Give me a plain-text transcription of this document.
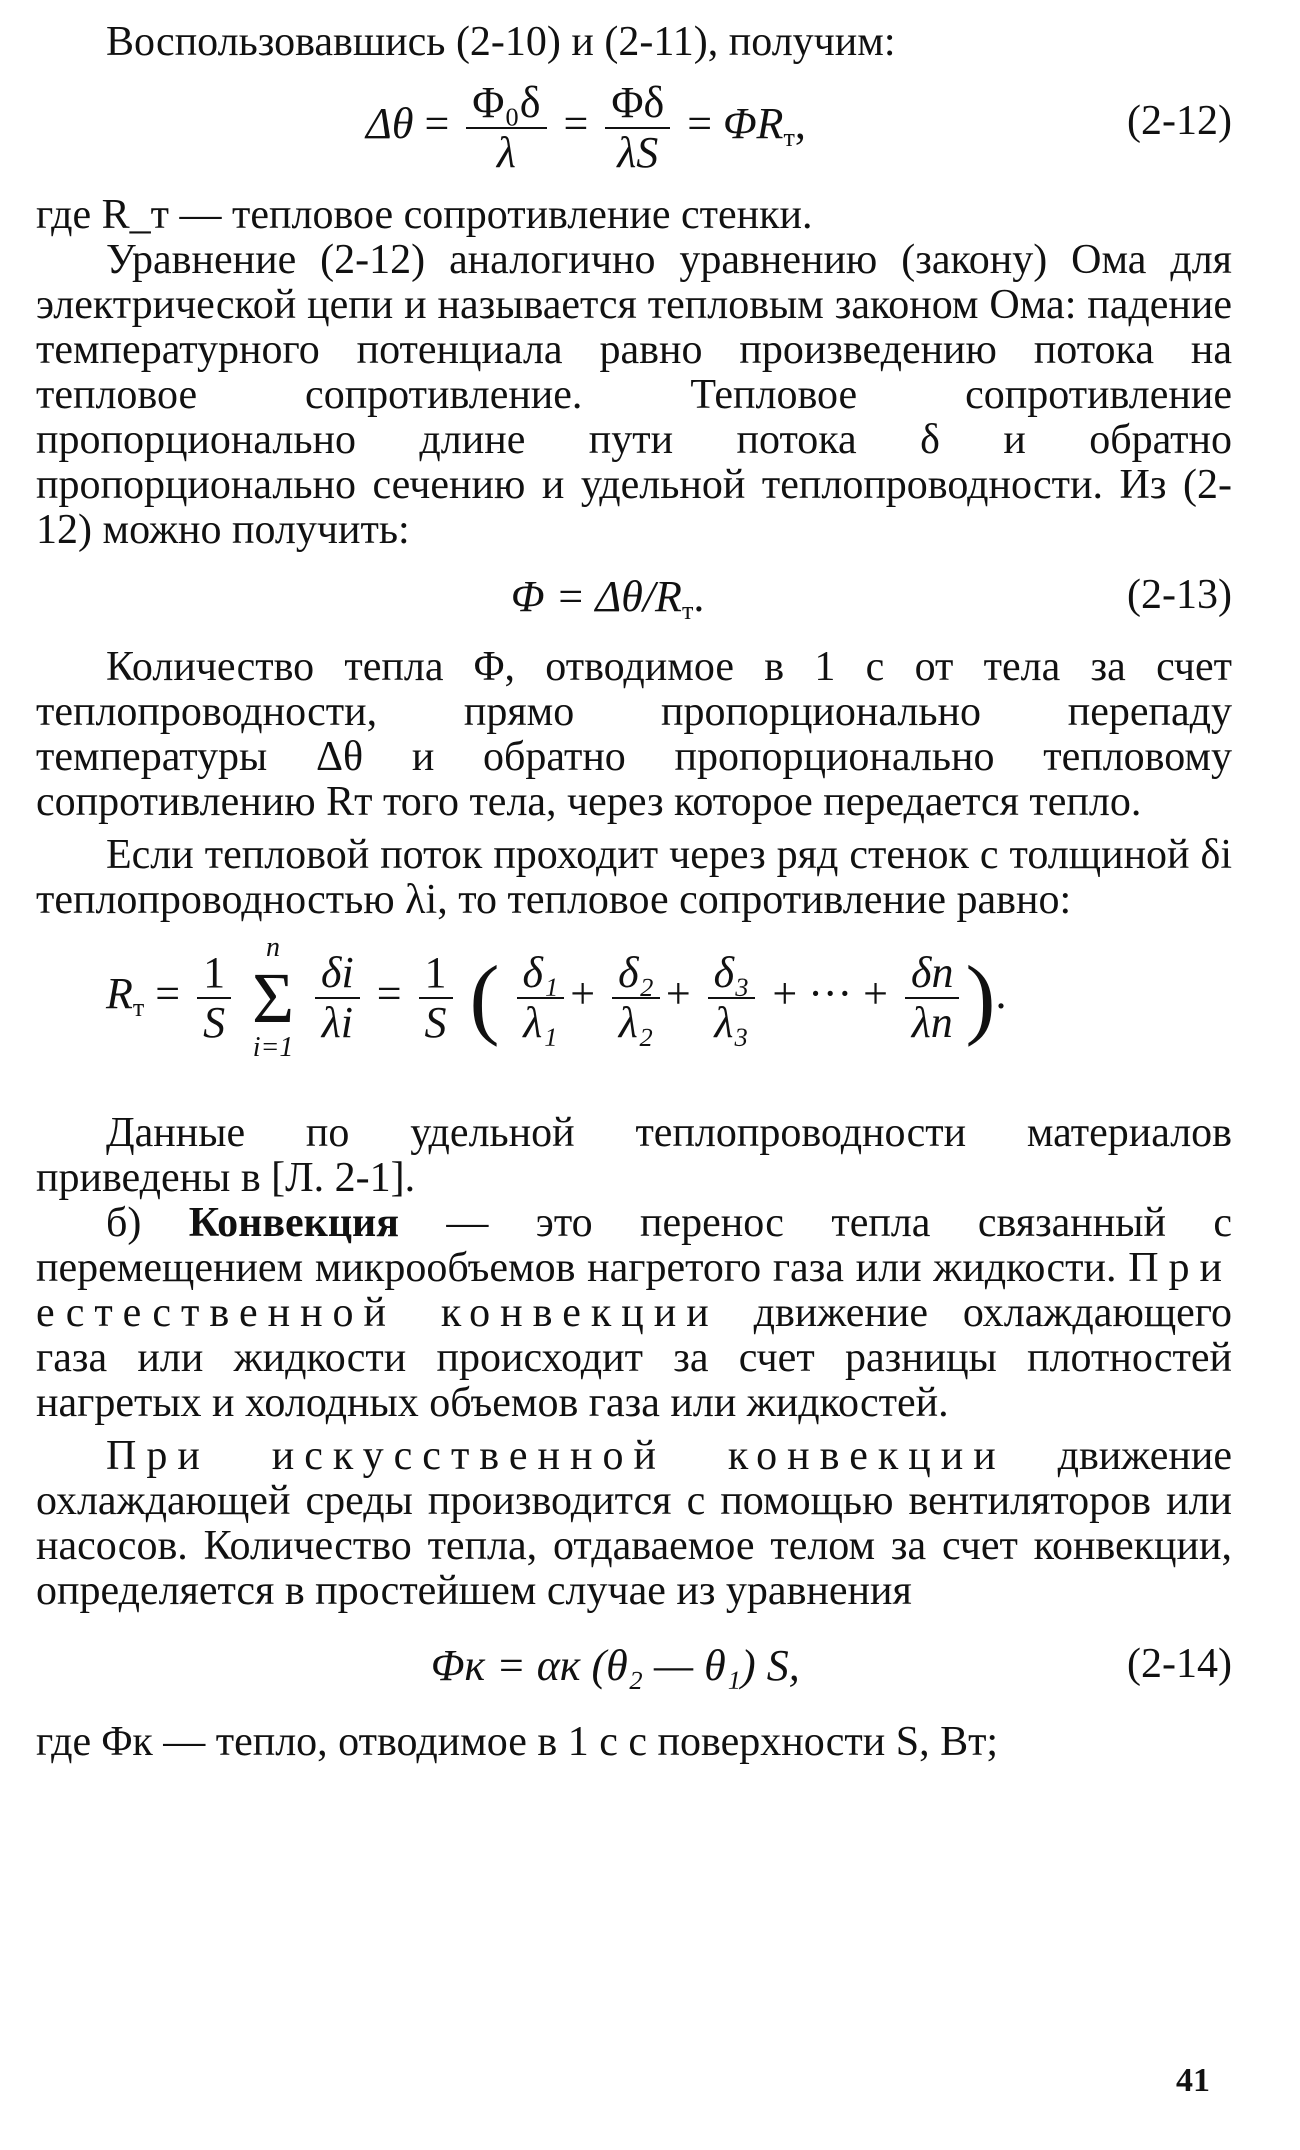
Воспользовавшись (2-10) и (2-11), получим:

$\Delta\theta = \frac{\text{Φ₀δ}}{\lambda} = \frac{\Phi\delta}{\lambda S} = \Phi R_т$,	(2-12)

где R_т — тепловое сопротивление стенки.

Уравнение (2-12) аналогично уравнению (закону) Ома для электрической цепи и называется тепловым законом Ома: падение температурного потенциала равно произведению потока на тепловое сопротивление. Тепловое сопротивление пропорционально длине пути потока δ и обратно пропорционально сечению и удельной теплопроводности. Из (2-12) можно получить:

$\Phi = \Delta\theta/R_т$.	(2-13)

Количество тепла Φ, отводимое в 1 с от тела за счет теплопроводности, прямо пропорционально перепаду температуры Δθ и обратно пропорционально тепловому сопротивлению Rт того тела, через которое передается тепло.

Если тепловой поток проходит через ряд стенок с толщиной δi теплопроводностью λi, то тепловое сопротивление равно:

$R_т = \frac{1}{S}$

n
Σ
i=1

$\frac{\delta i}{\lambda i} = \frac{1}{S}$ ( $\frac{\text{δ₁}}{\text{λ₁}} + \frac{\text{δ₂}}{\text{λ₂}} + \frac{\text{δ₃}}{\text{λ₃}}$ + ··· + $\frac{\delta n}{\lambda n}$ ).

Данные по удельной теплопроводности материалов приведены в [Л. 2-1].

б) Конвекция — это перенос тепла связанный с перемещением микрообъемов нагретого газа или жидкости. При естественной конвекции движение охлаждающего газа или жидкости происходит за счет разницы плотностей нагретых и холодных объемов газа или жидкостей.

При искусственной конвекции движение охлаждающей среды производится с помощью вентиляторов или насосов. Количество тепла, отдаваемое телом за счет конвекции, определяется в простейшем случае из уравнения

Φк = αк (θ₂ — θ₁) S,	(2-14)

где Φк — тепло, отводимое в 1 с с поверхности S, Вт;

41
